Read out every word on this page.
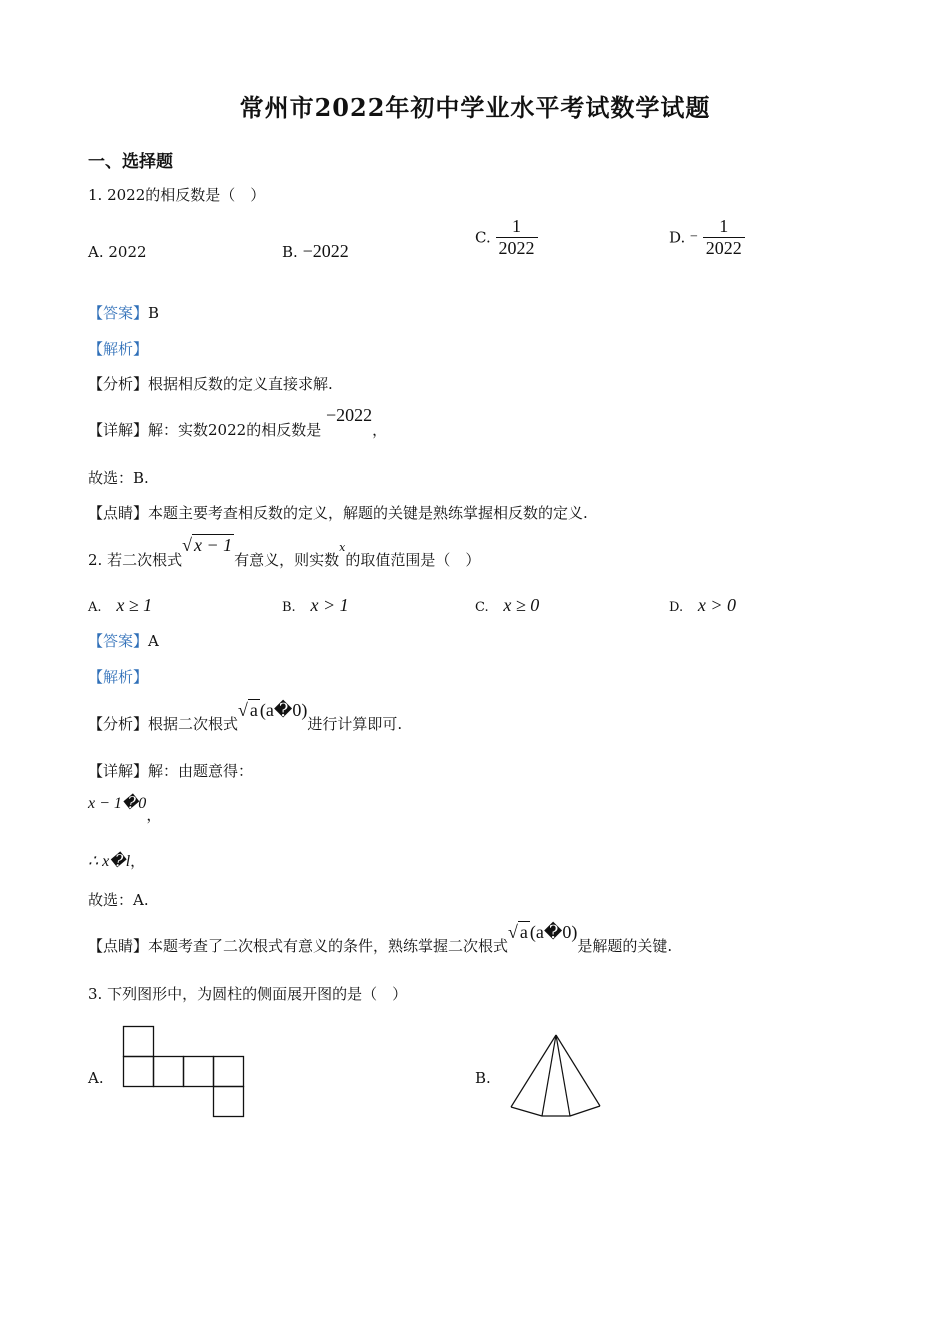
常州市2022年初中学业水平考试数学试题
一、选择题
1. 2022的相反数是（　）
A. 2022	B. −2022
C. $\frac{1}{2022}$	D. − $\frac{1}{2022}$
【答案】B
【解析】
【分析】根据相反数的定义直接求解.
【详解】解：实数2022的相反数是 −2022，
故选：B.
【点睛】本题主要考查相反数的定义，解题的关键是熟练掌握相反数的定义.
2. 若二次根式√ x − 1有意义，则实数x的取值范围是（　）
A. x ≥ 1	B. x > 1	C. x ≥ 0	D. x > 0
【答案】A
【解析】
【分析】根据二次根式√ a (a�0)进行计算即可.
【详解】解：由题意得：
x − 1�0，
∴ x�l，
故选：A.
【点睛】本题考查了二次根式有意义的条件，熟练掌握二次根式√ a (a�0)是解题的关键.
3. 下列图形中，为圆柱的侧面展开图的是（　）
A.	B.
